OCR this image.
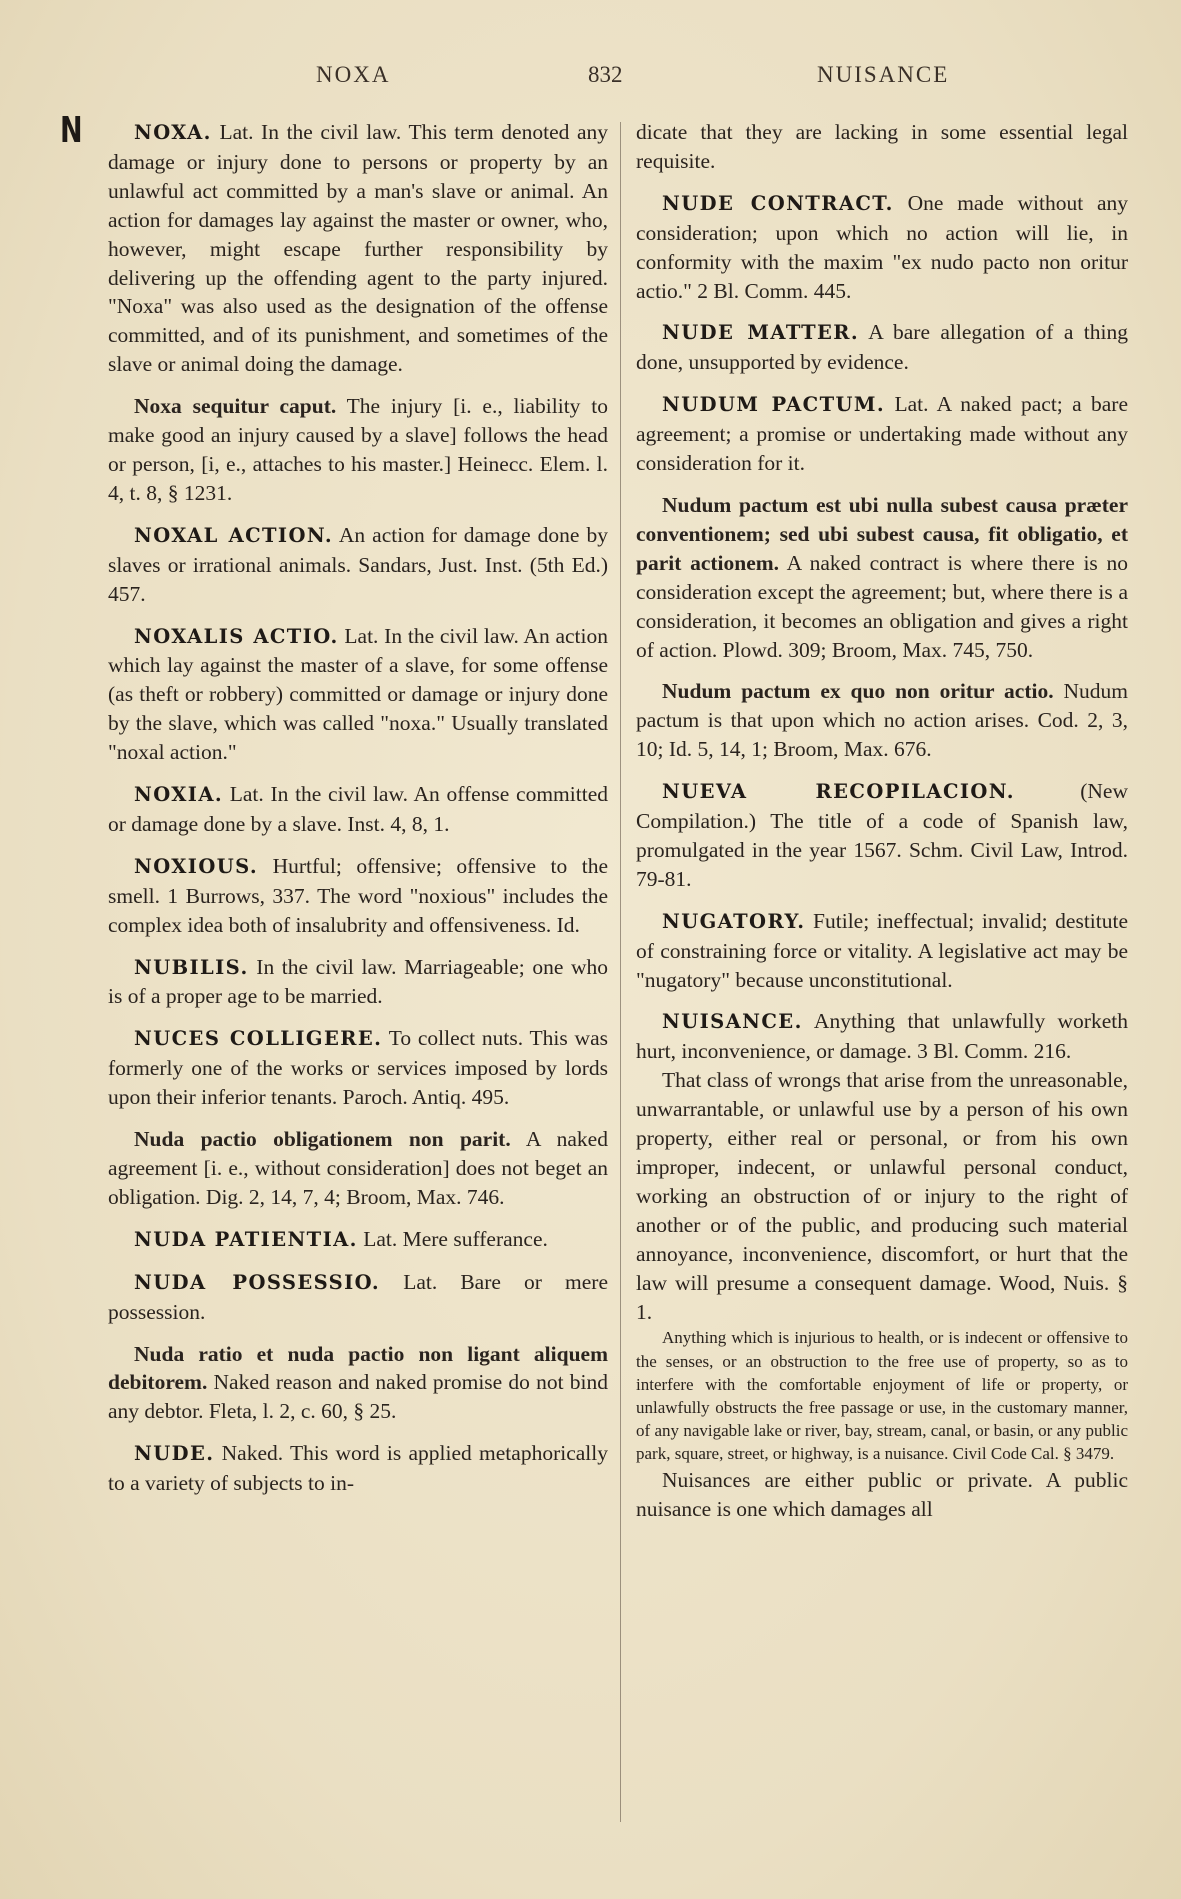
NOXA	832	NUISANCE
N	NOXA. Lat. In the civil law. This term denoted any damage or injury done to persons or property by an unlawful act committed by a man's slave or animal. An action for damages lay against the master or owner, who, however, might escape further responsibility by delivering up the offending agent to the party injured. "Noxa" was also used as the designation of the offense committed, and of its punishment, and sometimes of the slave or animal doing the damage.

Noxa sequitur caput. The injury [i. e., liability to make good an injury caused by a slave] follows the head or person, [i, e., attaches to his master.] Heinecc. Elem. l. 4, t. 8, § 1231.

NOXAL ACTION. An action for damage done by slaves or irrational animals. Sandars, Just. Inst. (5th Ed.) 457.

NOXALIS ACTIO. Lat. In the civil law. An action which lay against the master of a slave, for some offense (as theft or robbery) committed or damage or injury done by the slave, which was called "noxa." Usually translated "noxal action."

NOXIA. Lat. In the civil law. An offense committed or damage done by a slave. Inst. 4, 8, 1.

NOXIOUS. Hurtful; offensive; offensive to the smell. 1 Burrows, 337. The word "noxious" includes the complex idea both of insalubrity and offensiveness. Id.

NUBILIS. In the civil law. Marriageable; one who is of a proper age to be married.

NUCES COLLIGERE. To collect nuts. This was formerly one of the works or services imposed by lords upon their inferior tenants. Paroch. Antiq. 495.

Nuda pactio obligationem non parit. A naked agreement [i. e., without consideration] does not beget an obligation. Dig. 2, 14, 7, 4; Broom, Max. 746.

NUDA PATIENTIA. Lat. Mere sufferance.

NUDA POSSESSIO. Lat. Bare or mere possession.

Nuda ratio et nuda pactio non ligant aliquem debitorem. Naked reason and naked promise do not bind any debtor. Fleta, l. 2, c. 60, § 25.

NUDE. Naked. This word is applied metaphorically to a variety of subjects to in-

dicate that they are lacking in some essential legal requisite.

NUDE CONTRACT. One made without any consideration; upon which no action will lie, in conformity with the maxim "ex nudo pacto non oritur actio." 2 Bl. Comm. 445.

NUDE MATTER. A bare allegation of a thing done, unsupported by evidence.

NUDUM PACTUM. Lat. A naked pact; a bare agreement; a promise or undertaking made without any consideration for it.

Nudum pactum est ubi nulla subest causa præter conventionem; sed ubi subest causa, fit obligatio, et parit actionem. A naked contract is where there is no consideration except the agreement; but, where there is a consideration, it becomes an obligation and gives a right of action. Plowd. 309; Broom, Max. 745, 750.

Nudum pactum ex quo non oritur actio. Nudum pactum is that upon which no action arises. Cod. 2, 3, 10; Id. 5, 14, 1; Broom, Max. 676.

NUEVA RECOPILACION.	(New Compilation.) The title of a code of Spanish law, promulgated in the year 1567. Schm. Civil Law, Introd. 79-81.

NUGATORY. Futile; ineffectual; invalid; destitute of constraining force or vitality. A legislative act may be "nugatory" because unconstitutional.

NUISANCE. Anything that unlawfully worketh hurt, inconvenience, or damage. 3 Bl. Comm. 216.

That class of wrongs that arise from the unreasonable, unwarrantable, or unlawful use by a person of his own property, either real or personal, or from his own improper, indecent, or unlawful personal conduct, working an obstruction of or injury to the right of another or of the public, and producing such material annoyance, inconvenience, discomfort, or hurt that the law will presume a consequent damage. Wood, Nuis. § 1.

Anything which is injurious to health, or is indecent or offensive to the senses, or an obstruction to the free use of property, so as to interfere with the comfortable enjoyment of life or property, or unlawfully obstructs the free passage or use, in the customary manner, of any navigable lake or river, bay, stream, canal, or basin, or any public park, square, street, or highway, is a nuisance. Civil Code Cal. § 3479.

Nuisances are either public or private. A public nuisance is one which damages all
